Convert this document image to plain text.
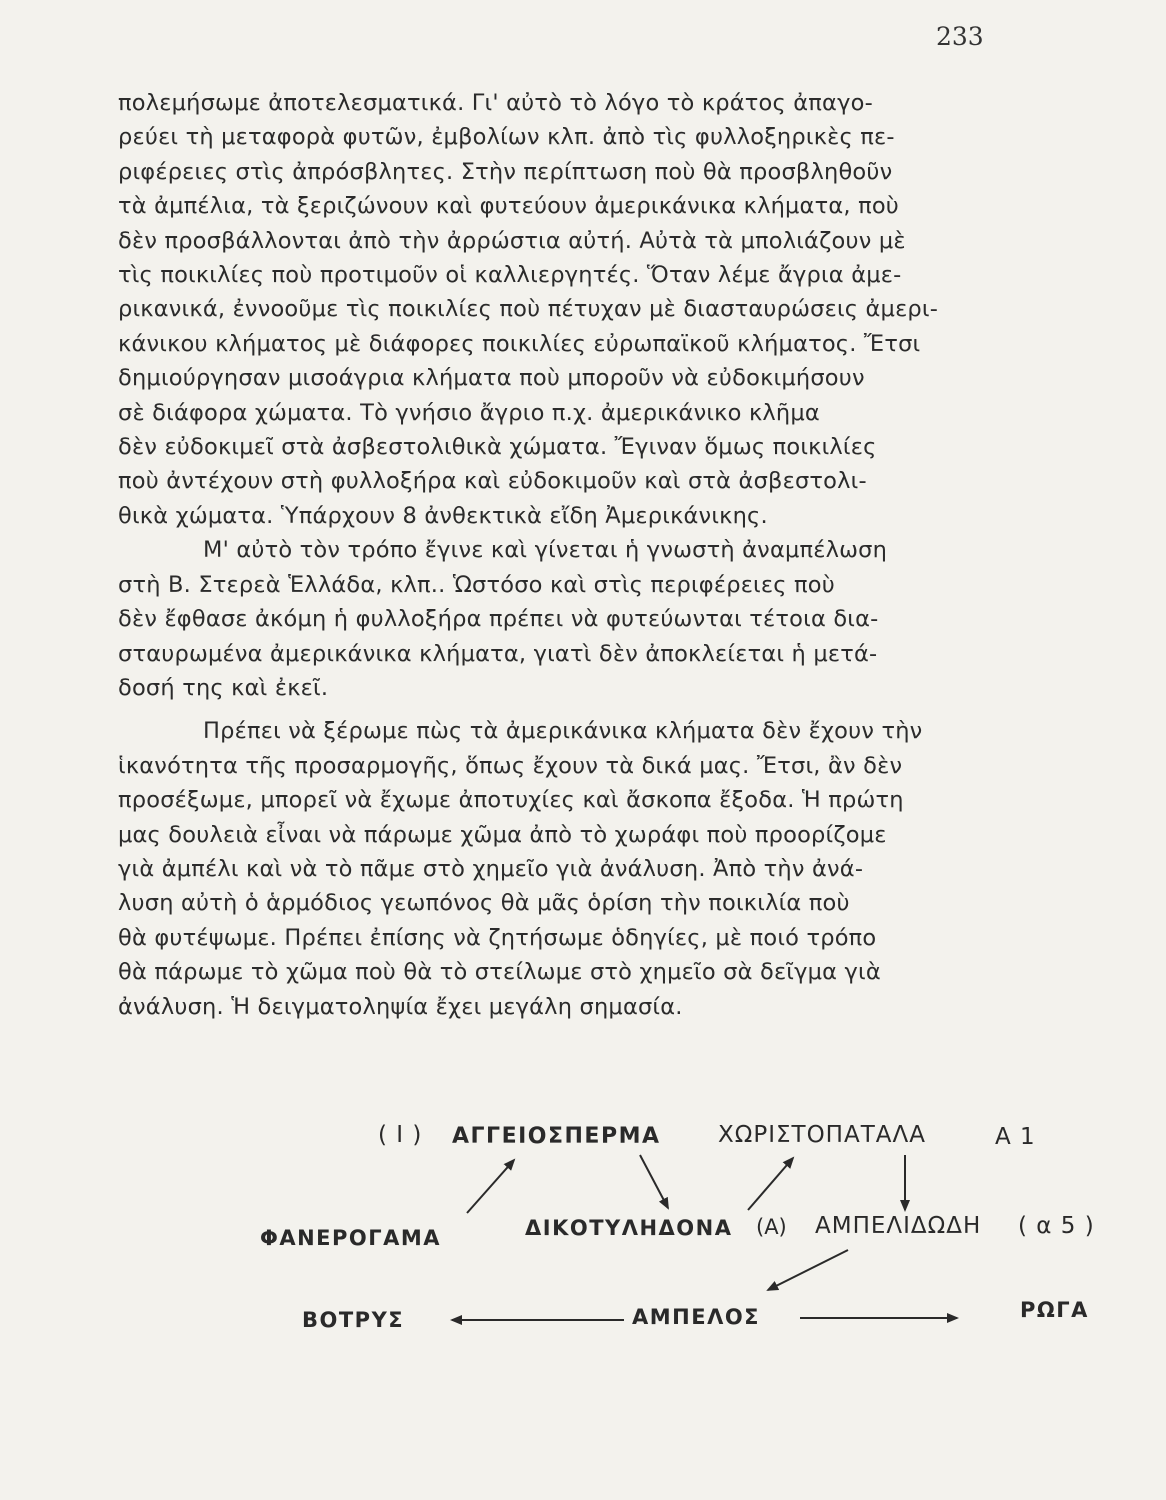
233
πολεμήσωμε ἀποτελεσματικά. Γι' αὐτὸ τὸ λόγο τὸ κράτος ἀπαγο-
ρεύει τὴ μεταφορὰ φυτῶν, ἐμβολίων κλπ. ἀπὸ τὶς φυλλοξηρικὲς πε-
ριφέρειες στὶς ἀπρόσβλητες. Στὴν περίπτωση ποὺ θὰ προσβληθοῦν
τὰ ἀμπέλια, τὰ ξεριζώνουν καὶ φυτεύουν ἀμερικάνικα κλήματα, ποὺ
δὲν προσβάλλονται ἀπὸ τὴν ἀρρώστια αὐτή. Αὐτὰ τὰ μπολιάζουν μὲ
τὶς ποικιλίες ποὺ προτιμοῦν οἱ καλλιεργητές. Ὅταν λέμε ἄγρια ἀμε-
ρικανικά, ἐννοοῦμε τὶς ποικιλίες ποὺ πέτυχαν μὲ διασταυρώσεις ἀμερι-
κάνικου κλήματος μὲ διάφορες ποικιλίες εὐρωπαϊκοῦ κλήματος. Ἔτσι
δημιούργησαν μισοάγρια κλήματα ποὺ μποροῦν νὰ εὐδοκιμήσουν
σὲ διάφορα χώματα. Τὸ γνήσιο ἄγριο π.χ. ἀμερικάνικο κλῆμα
δὲν εὐδοκιμεῖ στὰ ἀσβεστολιθικὰ χώματα. Ἔγιναν ὅμως ποικιλίες
ποὺ ἀντέχουν στὴ φυλλοξήρα καὶ εὐδοκιμοῦν καὶ στὰ ἀσβεστολι-
θικὰ χώματα. Ὑπάρχουν 8 ἀνθεκτικὰ εἴδη Ἀμερικάνικης.
Μ' αὐτὸ τὸν τρόπο ἔγινε καὶ γίνεται ἡ γνωστὴ ἀναμπέλωση
στὴ Β. Στερεὰ Ἑλλάδα, κλπ.. Ὡστόσο καὶ στὶς περιφέρειες ποὺ
δὲν ἔφθασε ἀκόμη ἡ φυλλοξήρα πρέπει νὰ φυτεύωνται τέτοια δια-
σταυρωμένα ἀμερικάνικα κλήματα, γιατὶ δὲν ἀποκλείεται ἡ μετά-
δοσή της καὶ ἐκεῖ.
Πρέπει νὰ ξέρωμε πὼς τὰ ἀμερικάνικα κλήματα δὲν ἔχουν τὴν
ἱκανότητα τῆς προσαρμογῆς, ὅπως ἔχουν τὰ δικά μας. Ἔτσι, ἂν δὲν
προσέξωμε, μπορεῖ νὰ ἔχωμε ἀποτυχίες καὶ ἄσκοπα ἔξοδα. Ἡ πρώτη
μας δουλειὰ εἶναι νὰ πάρωμε χῶμα ἀπὸ τὸ χωράφι ποὺ προορίζομε
γιὰ ἀμπέλι καὶ νὰ τὸ πᾶμε στὸ χημεῖο γιὰ ἀνάλυση. Ἀπὸ τὴν ἀνά-
λυση αὐτὴ ὁ ἁρμόδιος γεωπόνος θὰ μᾶς ὁρίση τὴν ποικιλία ποὺ
θὰ φυτέψωμε. Πρέπει ἐπίσης νὰ ζητήσωμε ὁδηγίες, μὲ ποιό τρόπο
θὰ πάρωμε τὸ χῶμα ποὺ θὰ τὸ στείλωμε στὸ χημεῖο σὰ δεῖγμα γιὰ
ἀνάλυση. Ἡ δειγματοληψία ἔχει μεγάλη σημασία.
( I ) ΑΓΓΕΙΟΣΠΕΡΜΑ	ΧΩΡΙΣΤΟΠΑΤΑΛΑ	Α 1
ΦΑΝΕΡΟΓΑΜΑ	ΔΙΚΟΤΥΛΗΔΟΝΑ (Α) ΑΜΠΕΛΙΔΩΔΗ ( α 5 )
ΒΟΤΡΥΣ	ΑΜΠΕΛΟΣ	ΡΩΓΑ
